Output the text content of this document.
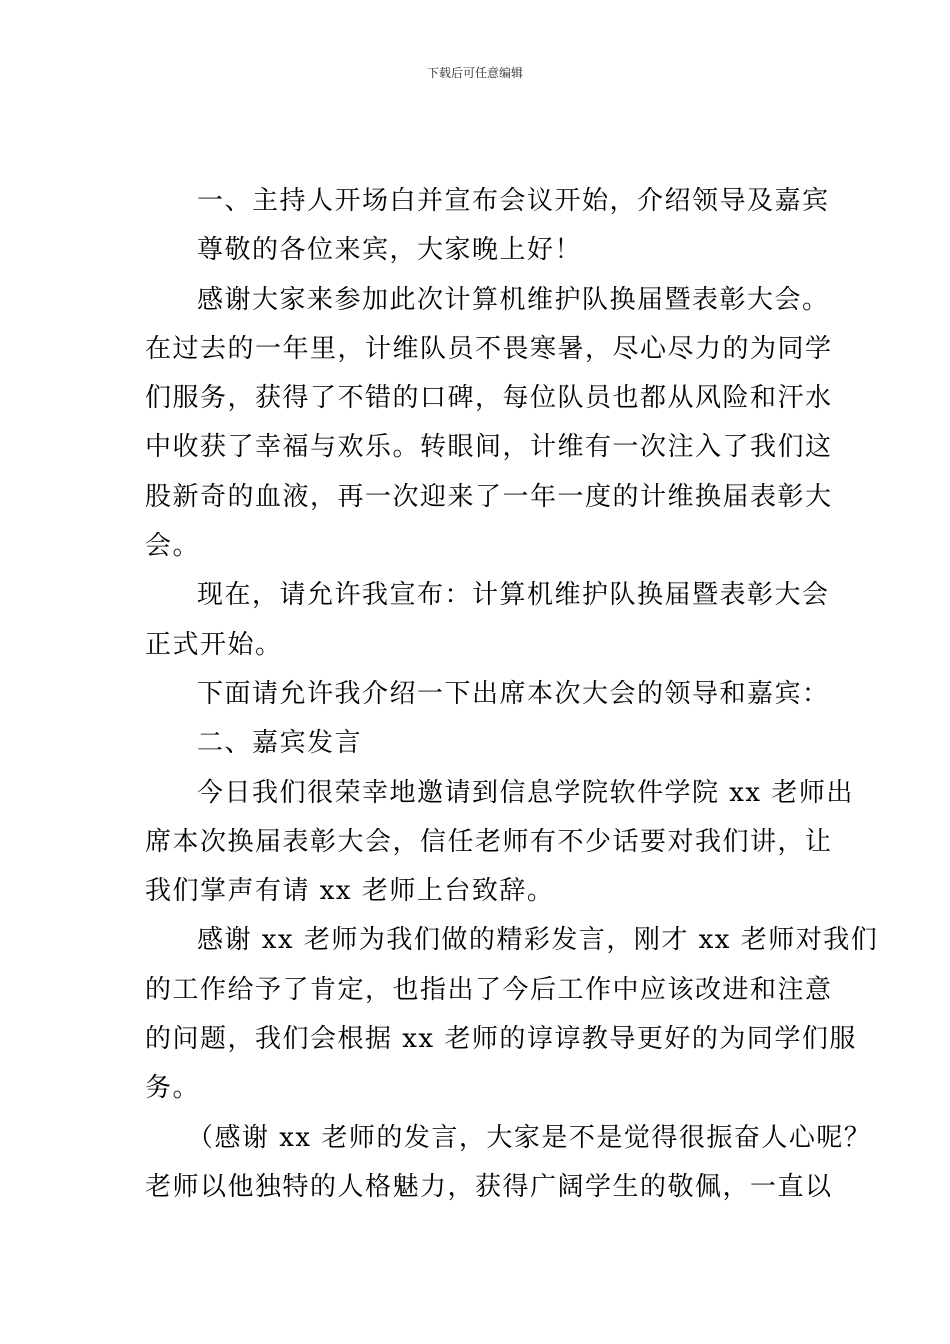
下载后可任意编辑
一、主持人开场白并宣布会议开始，介绍领导及嘉宾
尊敬的各位来宾，大家晚上好！
感谢大家来参加此次计算机维护队换届暨表彰大会。
在过去的一年里，计维队员不畏寒暑，尽心尽力的为同学
们服务，获得了不错的口碑，每位队员也都从风险和汗水
中收获了幸福与欢乐。转眼间，计维有一次注入了我们这
股新奇的血液，再一次迎来了一年一度的计维换届表彰大
会。
现在，请允许我宣布：计算机维护队换届暨表彰大会
正式开始。
下面请允许我介绍一下出席本次大会的领导和嘉宾：
二、嘉宾发言
今日我们很荣幸地邀请到信息学院软件学院 xx 老师出
席本次换届表彰大会，信任老师有不少话要对我们讲，让
我们掌声有请 xx 老师上台致辞。
感谢 xx 老师为我们做的精彩发言，刚才 xx 老师对我们
的工作给予了肯定，也指出了今后工作中应该改进和注意
的问题，我们会根据 xx 老师的谆谆教导更好的为同学们服
务。
（感谢 xx 老师的发言，大家是不是觉得很振奋人心呢？
老师以他独特的人格魅力，获得广阔学生的敬佩，一直以
